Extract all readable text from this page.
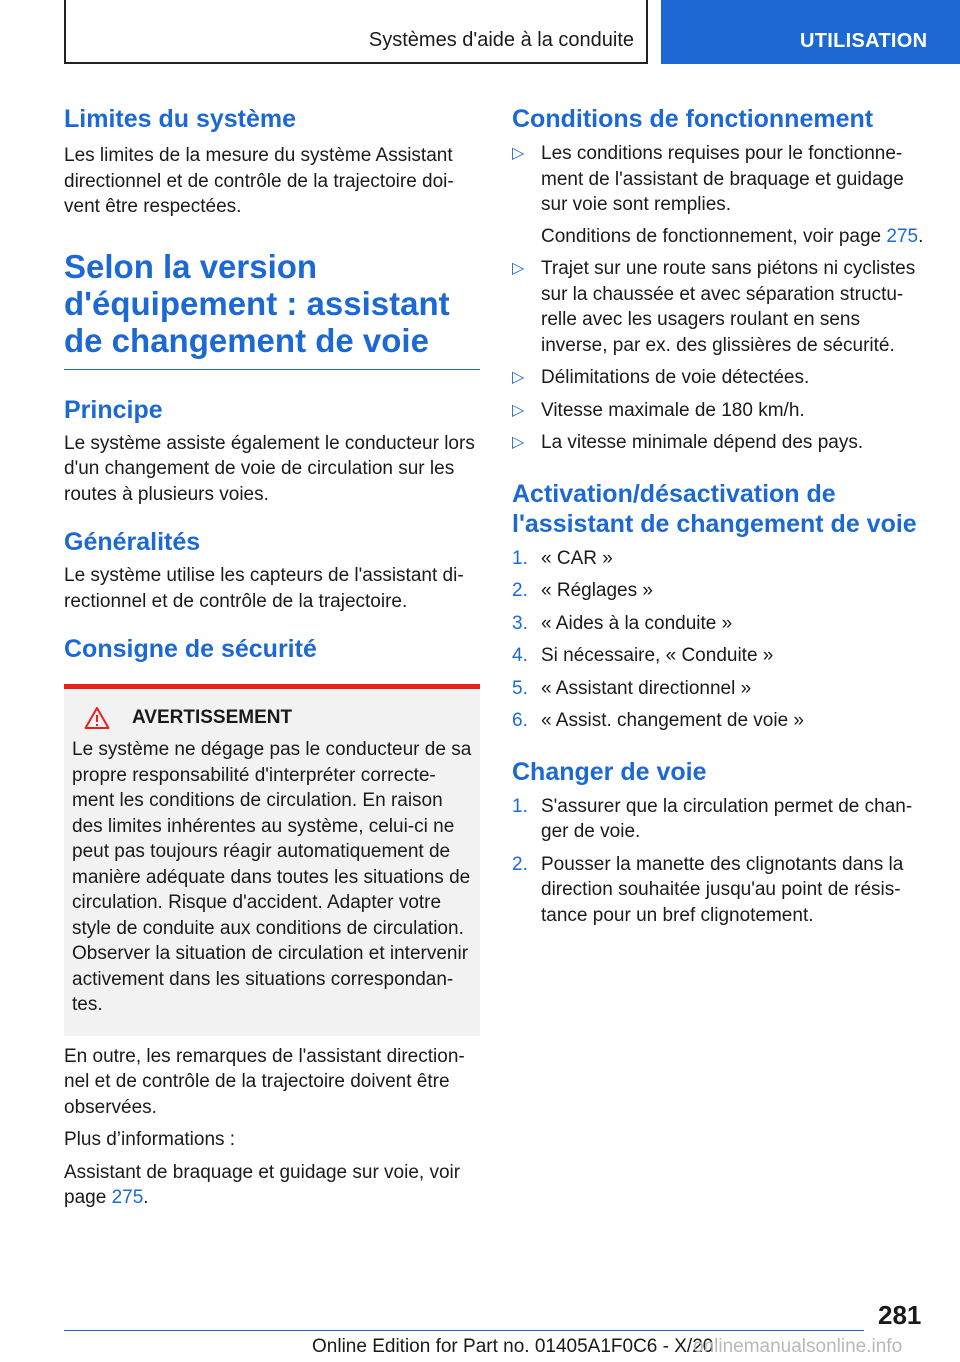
Systèmes d'aide à la conduite	UTILISATION
Limites du système

Les limites de la mesure du système Assistant directionnel et de contrôle de la trajectoire doi-vent être respectées.

Selon la version d'équipement : assistant de changement de voie
Principe

Le système assiste également le conducteur lors d'un changement de voie de circulation sur les routes à plusieurs voies.

Généralités

Le système utilise les capteurs de l'assistant di-rectionnel et de contrôle de la trajectoire.

Consigne de sécurité
AVERTISSEMENT

Le système ne dégage pas le conducteur de sa propre responsabilité d'interpréter correcte-ment les conditions de circulation. En raison des limites inhérentes au système, celui-ci ne peut pas toujours réagir automatiquement de manière adéquate dans toutes les situations de circulation. Risque d'accident. Adapter votre style de conduite aux conditions de circulation. Observer la situation de circulation et intervenir activement dans les situations correspondan-tes.

En outre, les remarques de l'assistant direction-nel et de contrôle de la trajectoire doivent être observées.

Plus d’informations :

Assistant de braquage et guidage sur voie, voir page 275.

Conditions de fonctionnement
▷ Les conditions requises pour le fonctionne-ment de l'assistant de braquage et guidage sur voie sont remplies.

Conditions de fonctionnement, voir page 275.

▷ Trajet sur une route sans piétons ni cyclistes sur la chaussée et avec séparation structu-relle avec les usagers roulant en sens inverse, par ex. des glissières de sécurité.
▷ Délimitations de voie détectées.
▷ Vitesse maximale de 180 km/h.
▷ La vitesse minimale dépend des pays.
Activation/désactivation de l'assistant de changement de voie
1. « CAR »
2. « Réglages »
3. « Aides à la conduite »
4. Si nécessaire, « Conduite »
5. « Assistant directionnel »
6. « Assist. changement de voie »
Changer de voie
1. S'assurer que la circulation permet de chan-ger de voie.
2. Pousser la manette des clignotants dans la direction souhaitée jusqu'au point de résis-tance pour un bref clignotement.
281
Online Edition for Part no. 01405A1F0C6 - X/20
onlinemanualsonline.info
